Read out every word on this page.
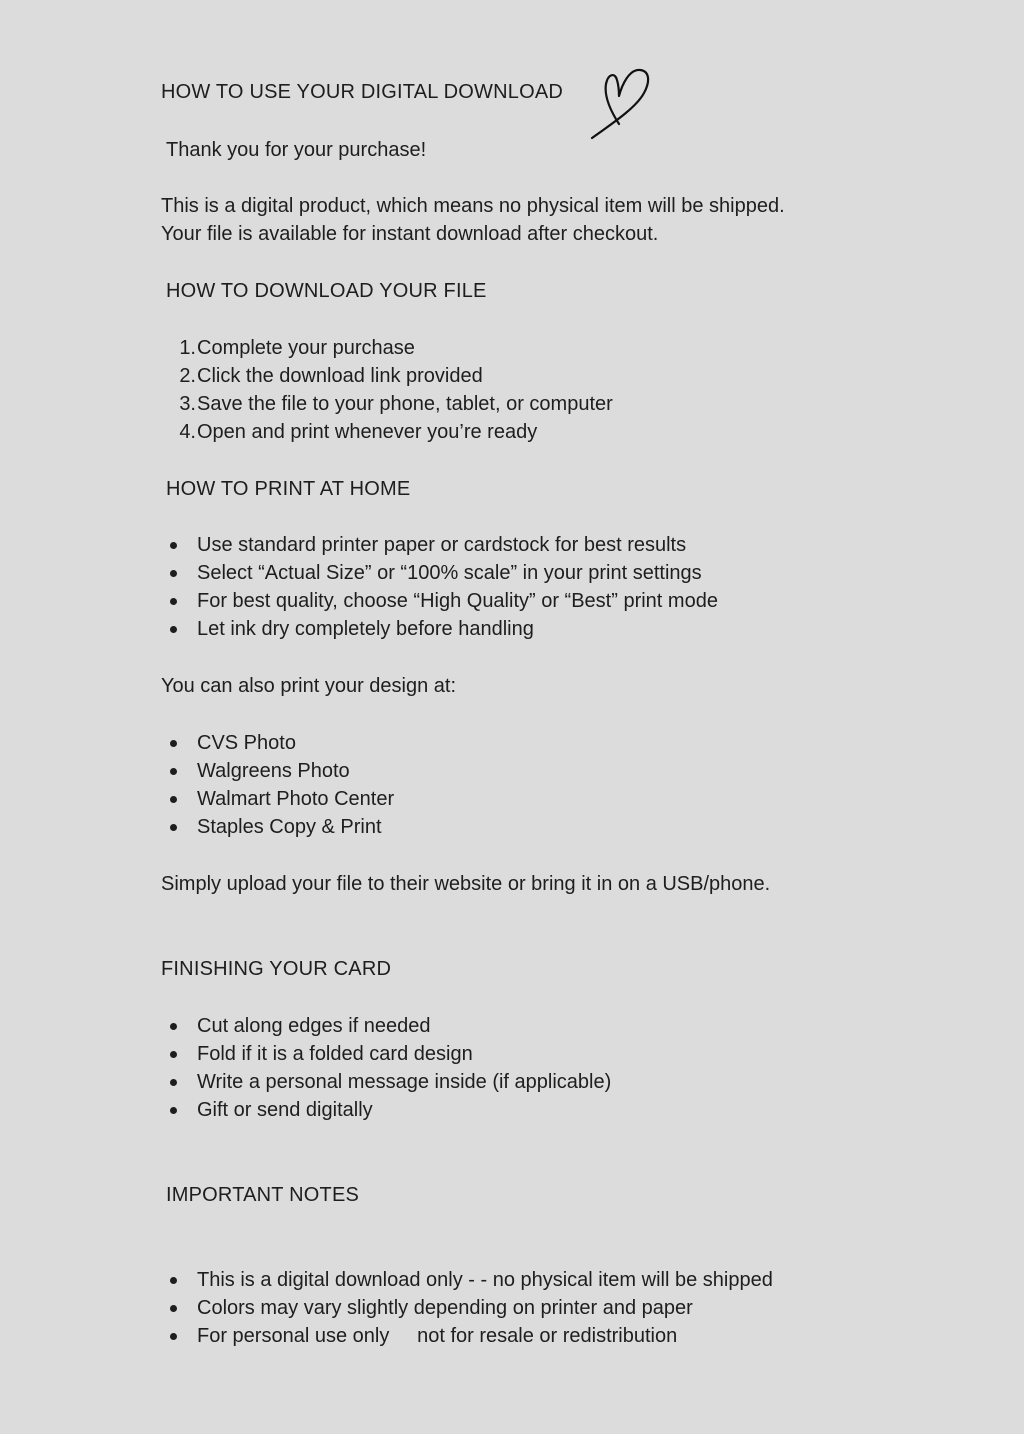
HOW TO USE YOUR DIGITAL DOWNLOAD

Thank you for your purchase!

This is a digital product, which means no physical item will be shipped.

Your file is available for instant download after checkout.

HOW TO DOWNLOAD YOUR FILE

1. Complete your purchase
2. Click the download link provided
3. Save the file to your phone, tablet, or computer
4. Open and print whenever you’re ready

HOW TO PRINT AT HOME

Use standard printer paper or cardstock for best results
Select “Actual Size” or “100% scale” in your print settings
For best quality, choose “High Quality” or “Best” print mode
Let ink dry completely before handling

You can also print your design at:

CVS Photo
Walgreens Photo
Walmart Photo Center
Staples Copy & Print

Simply upload your file to their website or bring it in on a USB/phone.

FINISHING YOUR CARD

Cut along edges if needed
Fold if it is a folded card design
Write a personal message inside (if applicable)
Gift or send digitally

IMPORTANT NOTES

This is a digital download only - - no physical item will be shipped
Colors may vary slightly depending on printer and paper
For personal use only     not for resale or redistribution
